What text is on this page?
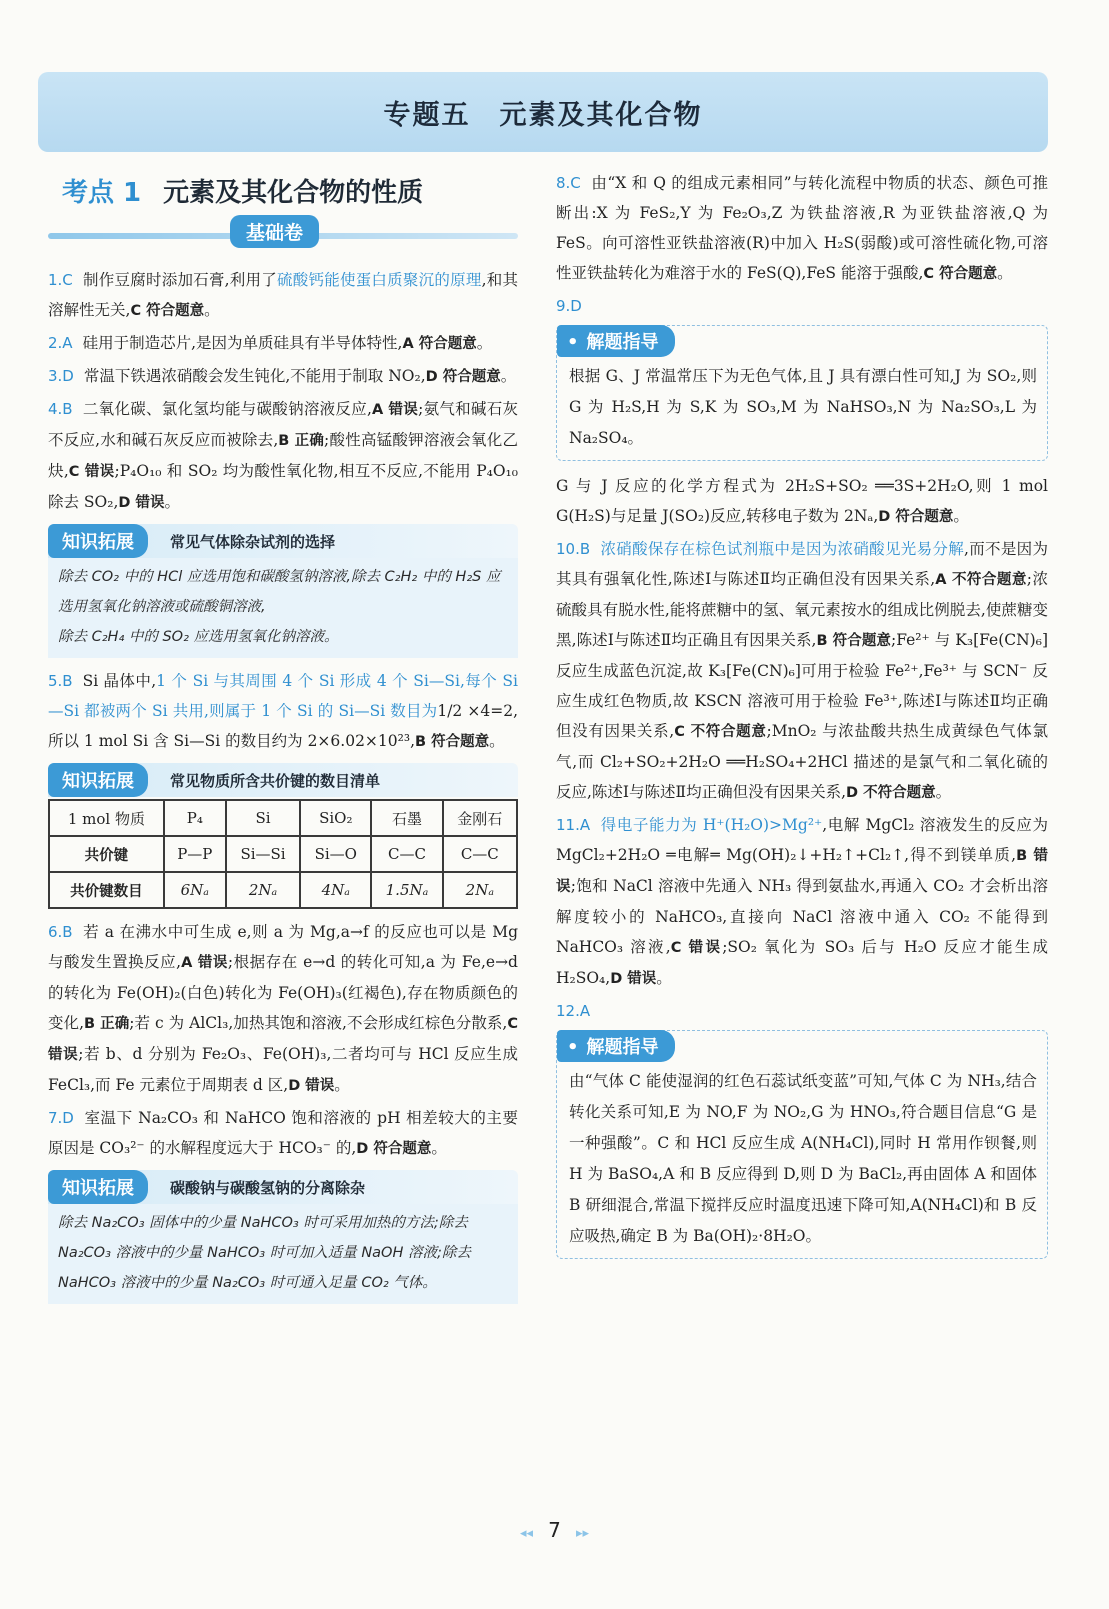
专题五　元素及其化合物
考点 1 元素及其化合物的性质
基础卷
1.C 制作豆腐时添加石膏,利用了硫酸钙能使蛋白质聚沉的原理,和其溶解性无关,C 符合题意。
2.A 硅用于制造芯片,是因为单质硅具有半导体特性,A 符合题意。
3.D 常温下铁遇浓硝酸会发生钝化,不能用于制取 NO₂,D 符合题意。
4.B 二氧化碳、氯化氢均能与碳酸钠溶液反应,A 错误;氨气和碱石灰不反应,水和碱石灰反应而被除去,B 正确;酸性高锰酸钾溶液会氧化乙炔,C 错误;P₄O₁₀ 和 SO₂ 均为酸性氧化物,相互不反应,不能用 P₄O₁₀除去 SO₂,D 错误。
知识拓展	常见气体除杂试剂的选择

除去 CO₂ 中的 HCl 应选用饱和碳酸氢钠溶液,除去 C₂H₂ 中的 H₂S 应选用氢氧化钠溶液或硫酸铜溶液,

除去 C₂H₄ 中的 SO₂ 应选用氢氧化钠溶液。

5.B Si 晶体中,1 个 Si 与其周围 4 个 Si 形成 4 个 Si—Si,每个 Si—Si 都被两个 Si 共用,则属于 1 个 Si 的 Si—Si 数目为1/2 ×4=2,所以 1 mol Si 含 Si—Si 的数目约为 2×6.02×10²³,B 符合题意。
知识拓展	常见物质所含共价键的数目清单
1 mol 物质	P₄	Si	SiO₂	石墨	金刚石
共价键	P—P	Si—Si	Si—O	C—C	C—C
共价键数目	6Nₐ	2Nₐ	4Nₐ	1.5Nₐ	2Nₐ
6.B 若 a 在沸水中可生成 e,则 a 为 Mg,a→f 的反应也可以是 Mg 与酸发生置换反应,A 错误;根据存在 e→d 的转化可知,a 为 Fe,e→d 的转化为 Fe(OH)₂(白色)转化为 Fe(OH)₃(红褐色),存在物质颜色的变化,B 正确;若 c 为 AlCl₃,加热其饱和溶液,不会形成红棕色分散系,C 错误;若 b、d 分别为 Fe₂O₃、Fe(OH)₃,二者均可与 HCl 反应生成 FeCl₃,而 Fe 元素位于周期表 d 区,D 错误。
7.D 室温下 Na₂CO₃ 和 NaHCO 饱和溶液的 pH 相差较大的主要原因是 CO₃²⁻ 的水解程度远大于 HCO₃⁻ 的,D 符合题意。
知识拓展	碳酸钠与碳酸氢钠的分离除杂

除去 Na₂CO₃ 固体中的少量 NaHCO₃ 时可采用加热的方法;除去 Na₂CO₃ 溶液中的少量 NaHCO₃ 时可加入适量 NaOH 溶液;除去 NaHCO₃ 溶液中的少量 Na₂CO₃ 时可通入足量 CO₂ 气体。

8.C 由“X 和 Q 的组成元素相同”与转化流程中物质的状态、颜色可推断出:X 为 FeS₂,Y 为 Fe₂O₃,Z 为铁盐溶液,R 为亚铁盐溶液,Q 为 FeS。向可溶性亚铁盐溶液(R)中加入 H₂S(弱酸)或可溶性硫化物,可溶性亚铁盐转化为难溶于水的 FeS(Q),FeS 能溶于强酸,C 符合题意。
9.D
• 解题指导

根据 G、J 常温常压下为无色气体,且 J 具有漂白性可知,J 为 SO₂,则 G 为 H₂S,H 为 S,K 为 SO₃,M 为 NaHSO₃,N 为 Na₂SO₃,L 为 Na₂SO₄。

G 与 J 反应的化学方程式为 2H₂S+SO₂ ══3S+2H₂O,则 1 mol G(H₂S)与足量 J(SO₂)反应,转移电子数为 2Nₐ,D 符合题意。
10.B 浓硝酸保存在棕色试剂瓶中是因为浓硝酸见光易分解,而不是因为其具有强氧化性,陈述Ⅰ与陈述Ⅱ均正确但没有因果关系,A 不符合题意;浓硫酸具有脱水性,能将蔗糖中的氢、氧元素按水的组成比例脱去,使蔗糖变黑,陈述Ⅰ与陈述Ⅱ均正确且有因果关系,B 符合题意;Fe²⁺ 与 K₃[Fe(CN)₆]反应生成蓝色沉淀,故 K₃[Fe(CN)₆]可用于检验 Fe²⁺,Fe³⁺ 与 SCN⁻ 反应生成红色物质,故 KSCN 溶液可用于检验 Fe³⁺,陈述Ⅰ与陈述Ⅱ均正确但没有因果关系,C 不符合题意;MnO₂ 与浓盐酸共热生成黄绿色气体氯气,而 Cl₂+SO₂+2H₂O ══H₂SO₄+2HCl 描述的是氯气和二氧化硫的反应,陈述Ⅰ与陈述Ⅱ均正确但没有因果关系,D 不符合题意。
11.A 得电子能力为 H⁺(H₂O)>Mg²⁺,电解 MgCl₂ 溶液发生的反应为 MgCl₂+2H₂O ═电解═ Mg(OH)₂↓+H₂↑+Cl₂↑,得不到镁单质,B 错误;饱和 NaCl 溶液中先通入 NH₃ 得到氨盐水,再通入 CO₂ 才会析出溶解度较小的 NaHCO₃,直接向 NaCl 溶液中通入 CO₂ 不能得到 NaHCO₃ 溶液,C 错误;SO₂ 氧化为 SO₃ 后与 H₂O 反应才能生成 H₂SO₄,D 错误。
12.A
• 解题指导

由“气体 C 能使湿润的红色石蕊试纸变蓝”可知,气体 C 为 NH₃,结合转化关系可知,E 为 NO,F 为 NO₂,G 为 HNO₃,符合题目信息“G 是一种强酸”。C 和 HCl 反应生成 A(NH₄Cl),同时 H 常用作钡餐,则 H 为 BaSO₄,A 和 B 反应得到 D,则 D 为 BaCl₂,再由固体 A 和固体 B 研细混合,常温下搅拌反应时温度迅速下降可知,A(NH₄Cl)和 B 反应吸热,确定 B 为 Ba(OH)₂·8H₂O。

◂◂ 7 ▸▸
